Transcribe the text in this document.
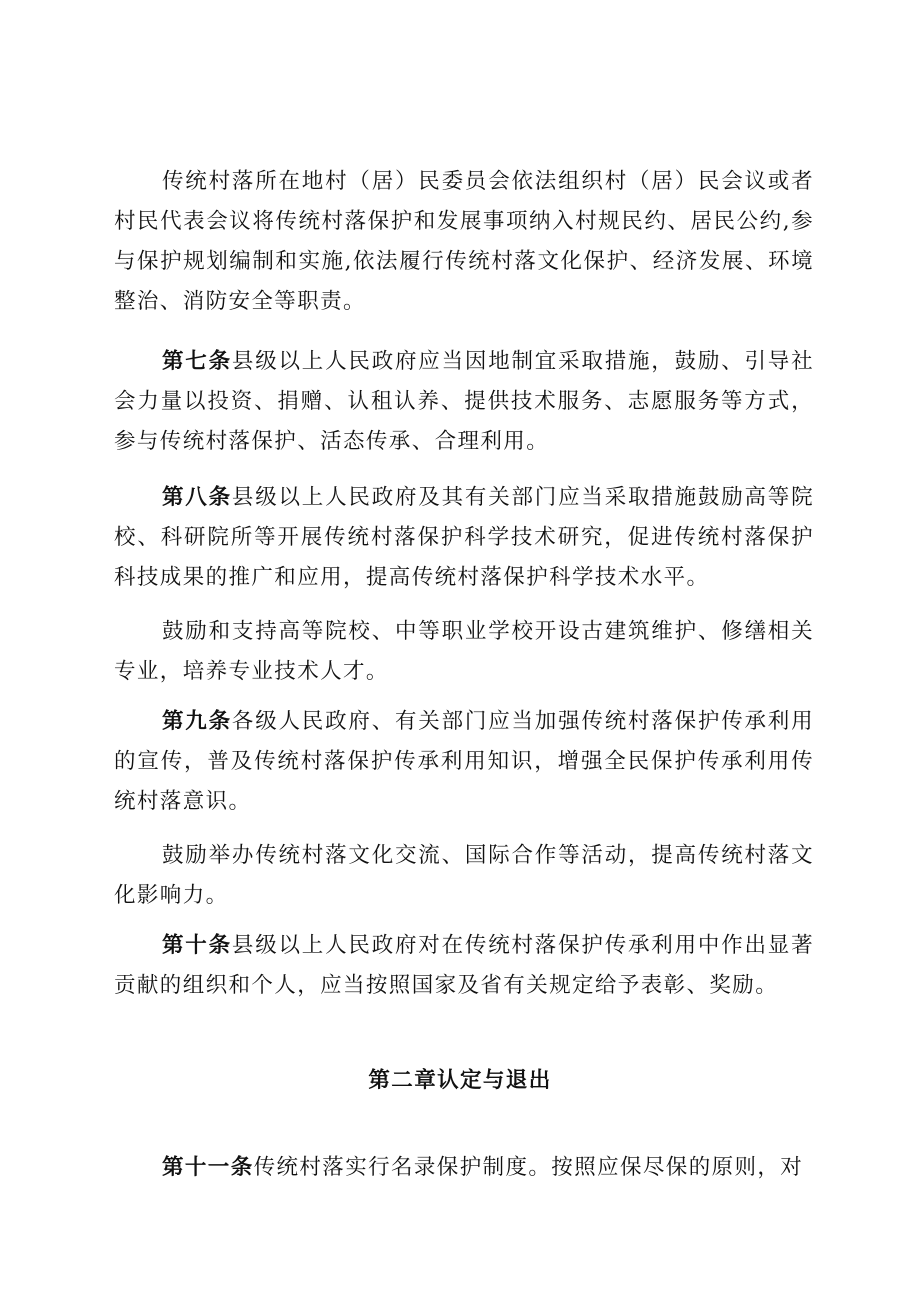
传统村落所在地村（居）民委员会依法组织村（居）民会议或者村民代表会议将传统村落保护和发展事项纳入村规民约、居民公约,参与保护规划编制和实施,依法履行传统村落文化保护、经济发展、环境整治、消防安全等职责。

第七条县级以上人民政府应当因地制宜采取措施，鼓励、引导社会力量以投资、捐赠、认租认养、提供技术服务、志愿服务等方式，参与传统村落保护、活态传承、合理利用。

第八条县级以上人民政府及其有关部门应当采取措施鼓励高等院校、科研院所等开展传统村落保护科学技术研究，促进传统村落保护科技成果的推广和应用，提高传统村落保护科学技术水平。

鼓励和支持高等院校、中等职业学校开设古建筑维护、修缮相关专业，培养专业技术人才。

第九条各级人民政府、有关部门应当加强传统村落保护传承利用的宣传，普及传统村落保护传承利用知识，增强全民保护传承利用传统村落意识。

鼓励举办传统村落文化交流、国际合作等活动，提高传统村落文化影响力。

第十条县级以上人民政府对在传统村落保护传承利用中作出显著贡献的组织和个人，应当按照国家及省有关规定给予表彰、奖励。

第二章认定与退出

第十一条传统村落实行名录保护制度。按照应保尽保的原则，对
